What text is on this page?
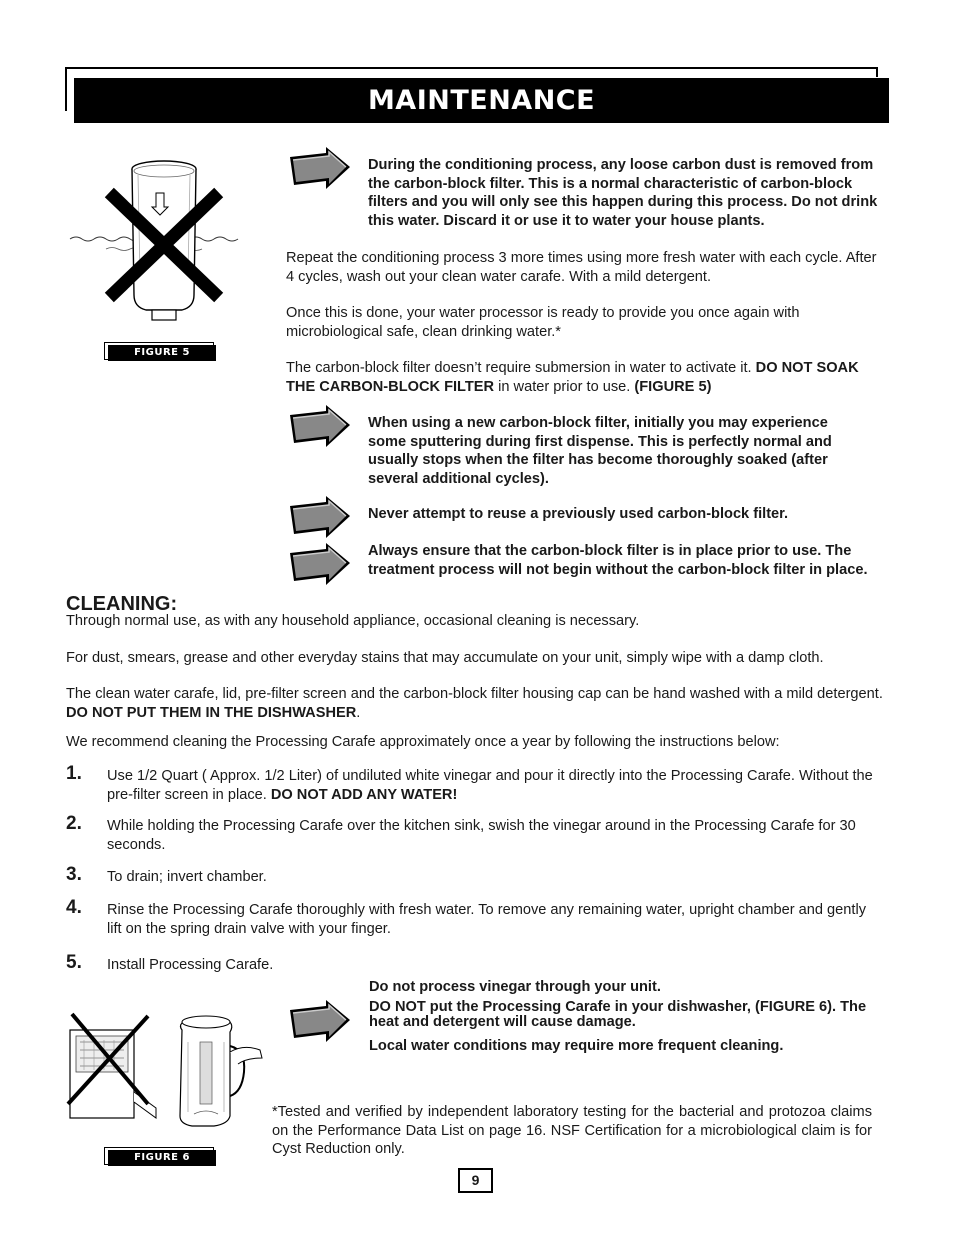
MAINTENANCE
FIGURE 5
During the conditioning process, any loose carbon dust is removed from the carbon-block filter. This is a normal characteristic of carbon-block filters and you will only see this happen during this process. Do not drink this water. Discard it or use it to water your house plants.
Repeat the conditioning process 3 more times using more fresh water with each cycle. After 4 cycles, wash out your clean water carafe. With a mild detergent.
Once this is done, your water processor is ready to provide you once again with microbiological safe, clean drinking water.*
The carbon-block filter doesn’t require submersion in water to activate it. DO NOT SOAK THE CARBON-BLOCK FILTER in water prior to use. (FIGURE 5)
When using a new carbon-block filter, initially you may experience some sputtering during first dispense. This is perfectly normal and usually stops when the filter has become thoroughly soaked (after several additional cycles).
Never attempt to reuse a previously used carbon-block filter.
Always ensure that the carbon-block filter is in place prior to use. The treatment process will not begin without the carbon-block filter in place.
CLEANING:
Through normal use, as with any household appliance, occasional cleaning is necessary.
For dust, smears, grease and other everyday stains that may accumulate on your unit, simply wipe with a damp cloth.
The clean water carafe, lid, pre-filter screen and the carbon-block filter housing cap can be hand washed with a mild detergent. DO NOT PUT THEM IN THE DISHWASHER.
We recommend cleaning the Processing Carafe approximately once a year by following the instructions below:
1. Use 1/2 Quart ( Approx. 1/2 Liter) of undiluted white vinegar and pour it directly into the Processing Carafe. Without the pre-filter screen in place. DO NOT ADD ANY WATER!
2. While holding the Processing Carafe over the kitchen sink, swish the vinegar around in the Processing Carafe for 30 seconds.
3. To drain; invert chamber.
4. Rinse the Processing Carafe thoroughly with fresh water. To remove any remaining water, upright chamber and gently lift on the spring drain valve with your finger.
5. Install Processing Carafe.
Do not process vinegar through your unit.
DO NOT put the Processing Carafe in your dishwasher, (FIGURE 6). The heat and detergent will cause damage.
Local water conditions may require more frequent cleaning.
FIGURE 6
*Tested and verified by independent laboratory testing for the bacterial and protozoa claims on the Performance Data List on page 16. NSF Certification for a microbiological claim is for Cyst Reduction only.
9
